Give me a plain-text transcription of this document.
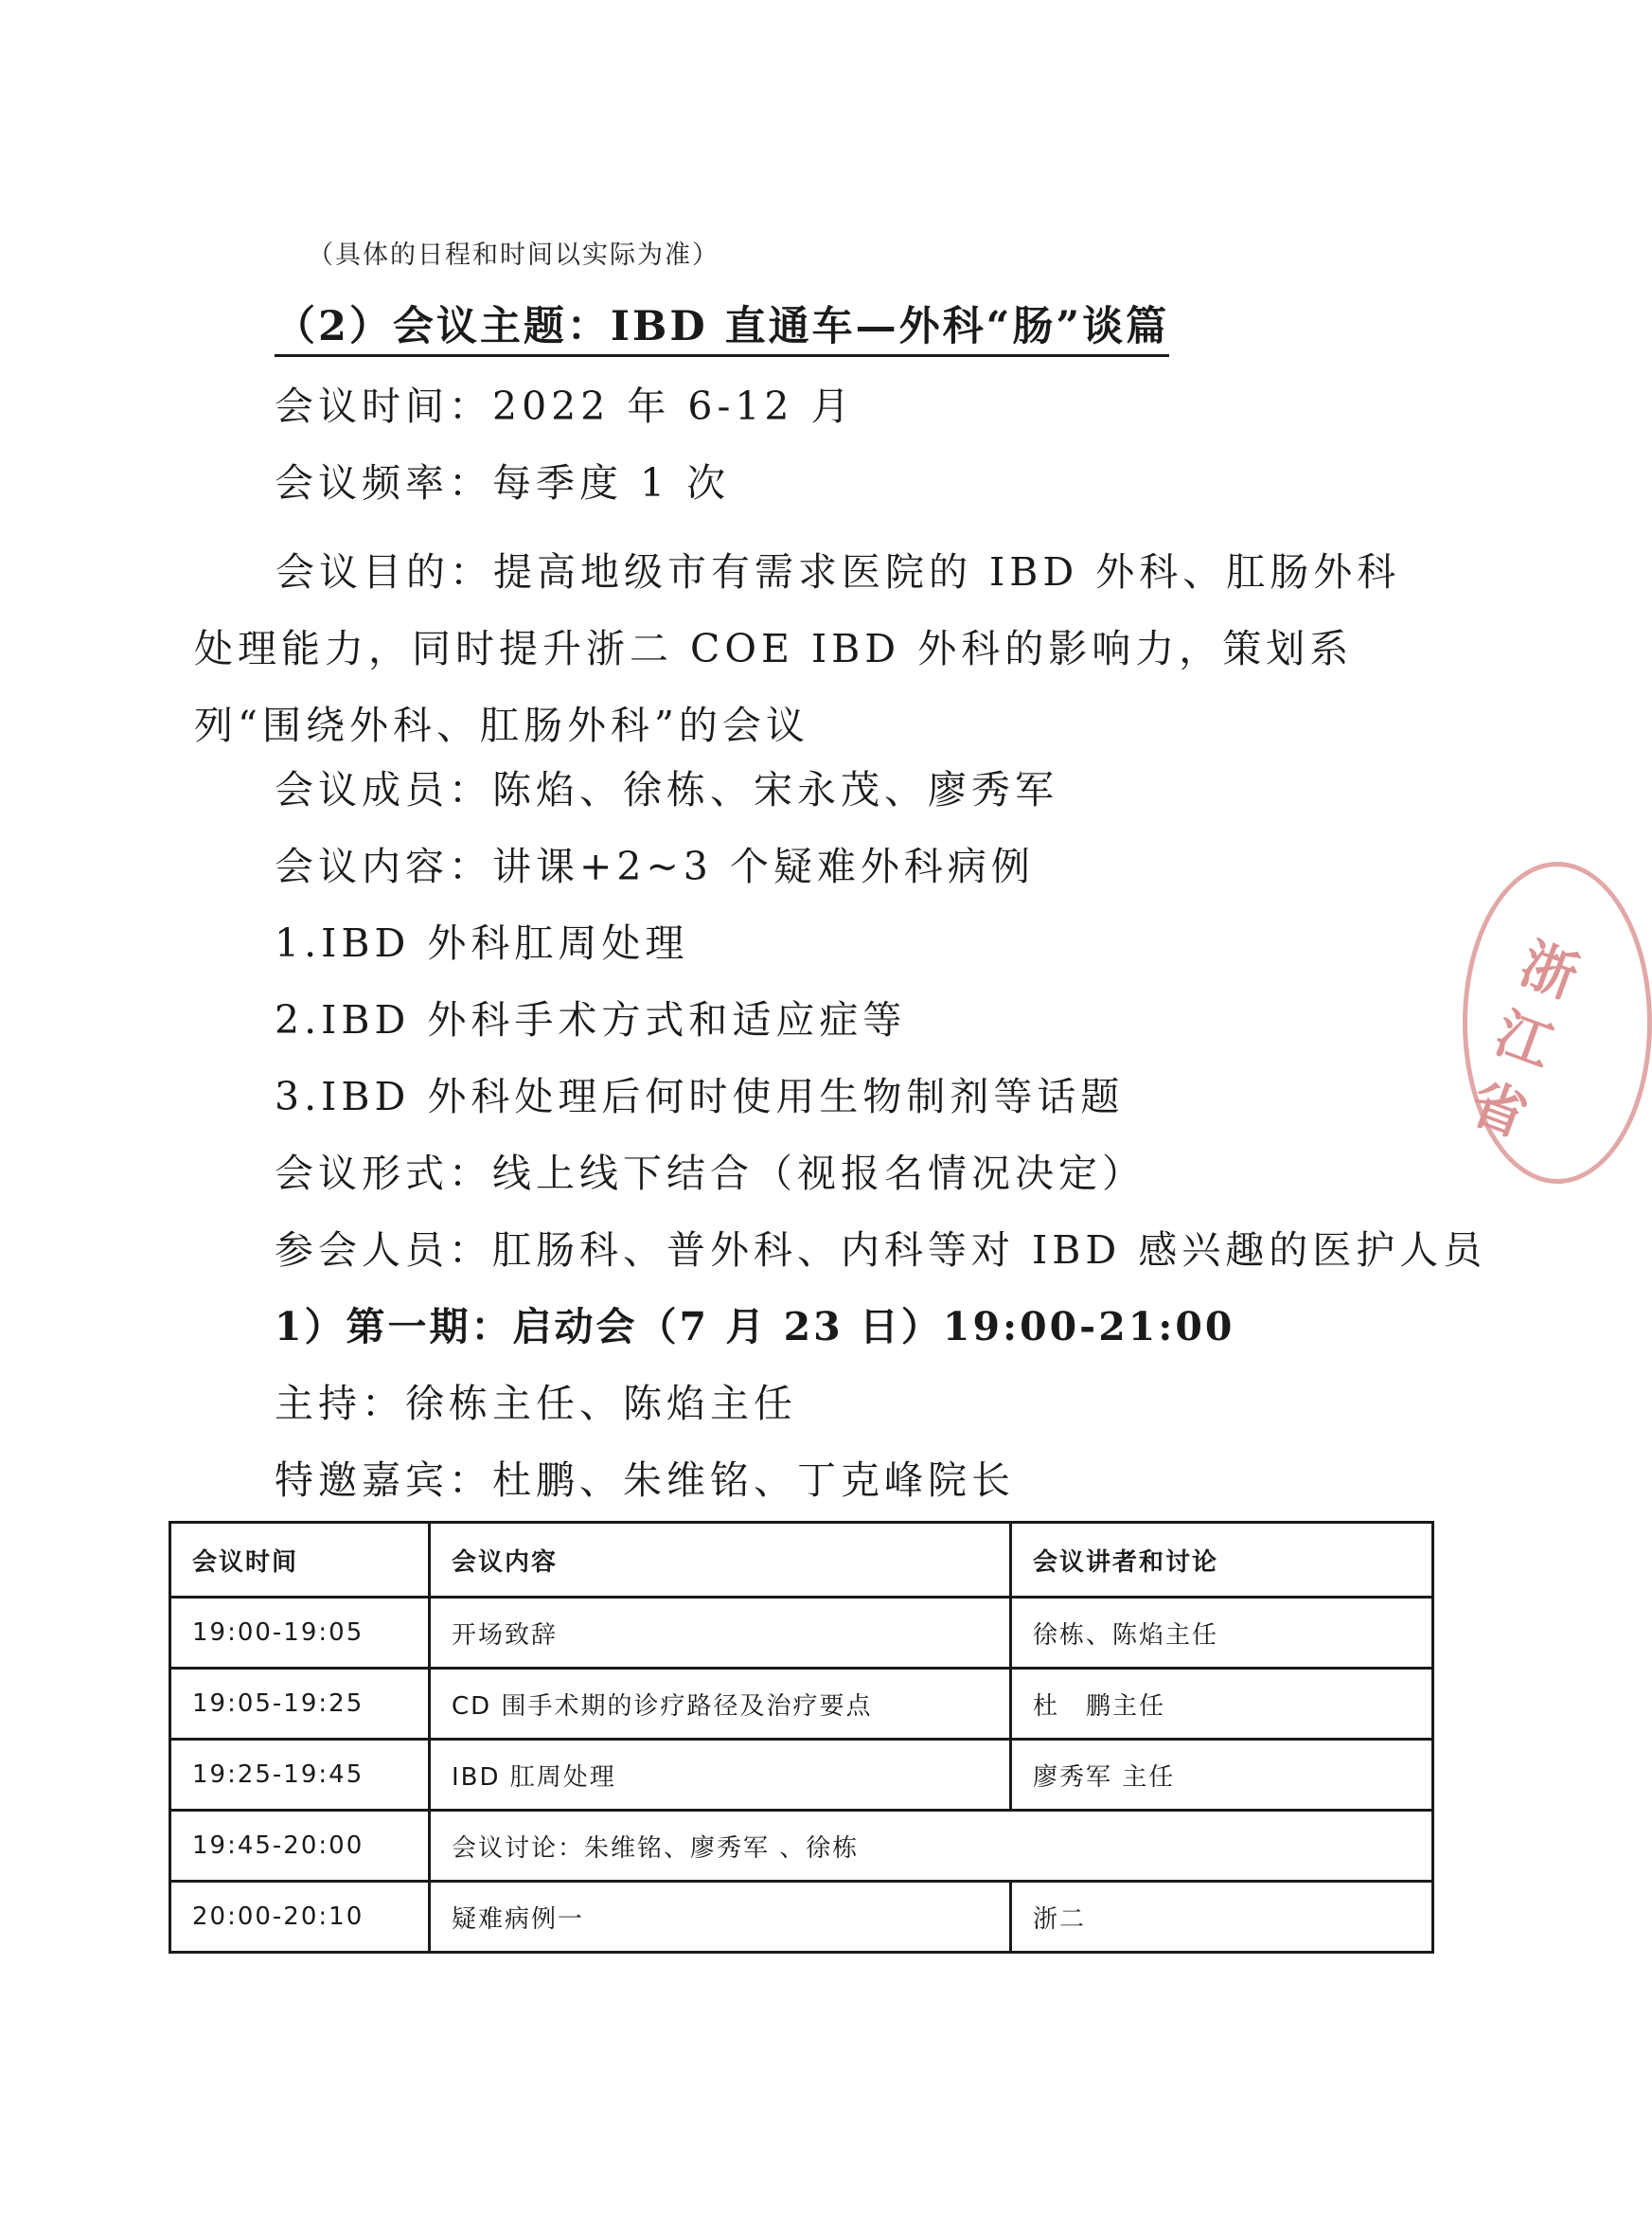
（具体的日程和时间以实际为准）
（2）会议主题：IBD 直通车—外科“肠”谈篇
会议时间：2022 年 6-12 月
会议频率：每季度 1 次
会议目的：提高地级市有需求医院的 IBD 外科、肛肠外科处理能力，同时提升浙二 COE IBD 外科的影响力，策划系列“围绕外科、肛肠外科”的会议
会议成员：陈焰、徐栋、宋永茂、廖秀军
会议内容：讲课+2~3 个疑难外科病例
1.IBD 外科肛周处理
2.IBD 外科手术方式和适应症等
3.IBD 外科处理后何时使用生物制剂等话题
会议形式：线上线下结合（视报名情况决定）
参会人员：肛肠科、普外科、内科等对 IBD 感兴趣的医护人员
1）第一期：启动会（7 月 23 日）19:00-21:00
主持：徐栋主任、陈焰主任
特邀嘉宾：杜鹏、朱维铭、丁克峰院长
浙江省
会议时间	会议内容	会议讲者和讨论
19:00-19:05	开场致辞	徐栋、陈焰主任
19:05-19:25	CD 围手术期的诊疗路径及治疗要点	杜　鹏主任
19:25-19:45	IBD 肛周处理	廖秀军 主任
19:45-20:00	会议讨论：朱维铭、廖秀军 、徐栋	
20:00-20:10	疑难病例一	浙二
